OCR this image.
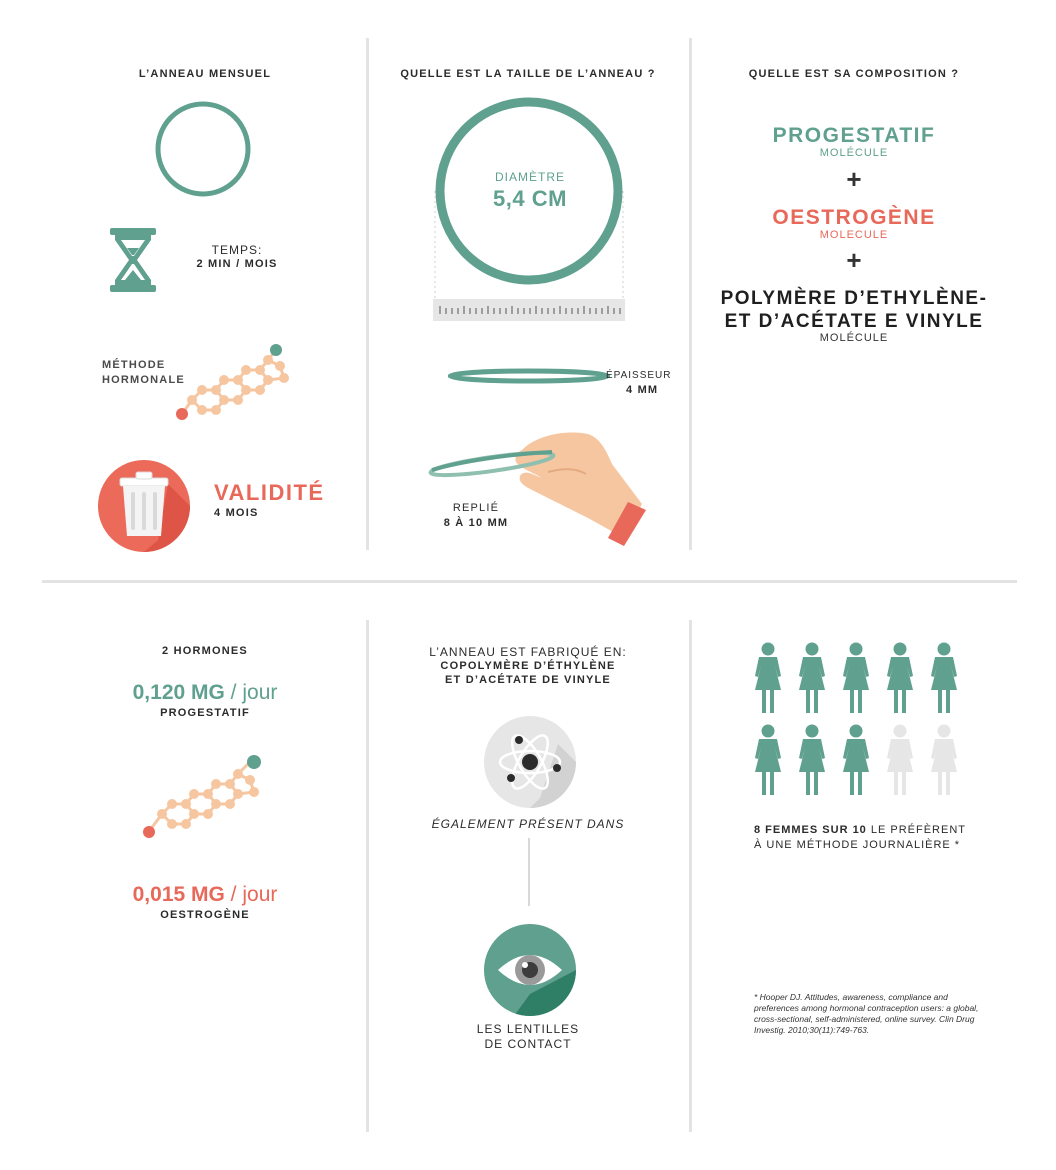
L’ANNEAU MENSUEL
TEMPS:
2 MIN / MOIS
MÉTHODE
HORMONALE
VALIDITÉ
4 MOIS
QUELLE EST LA TAILLE DE L’ANNEAU ?
DIAMÈTRE
5,4 CM
ÉPAISSEUR
4 MM
REPLIÉ
8 À 10 MM
QUELLE EST SA COMPOSITION ?
PROGESTATIF
MOLÉCULE
+
OESTROGÈNE
MOLECULE
+
POLYMÈRE D’ETHYLÈNE-
ET D’ACÉTATE E VINYLE
MOLÉCULE
2 HORMONES
0,120 MG / jour
PROGESTATIF
0,015 MG / jour
OESTROGÈNE
L’ANNEAU EST FABRIQUÉ EN:
COPOLYMÈRE D’ÉTHYLÈNE
ET D’ACÉTATE DE VINYLE
ÉGALEMENT PRÉSENT DANS
LES LENTILLES
DE CONTACT
8 FEMMES SUR 10 LE PRÉFÈRENT
À UNE MÉTHODE JOURNALIÈRE *
* Hooper DJ. Attitudes, awareness, compliance and preferences among hormonal contraception users: a global, cross-sectional, self-administered, online survey. Clin Drug Investig. 2010;30(11):749-763.
